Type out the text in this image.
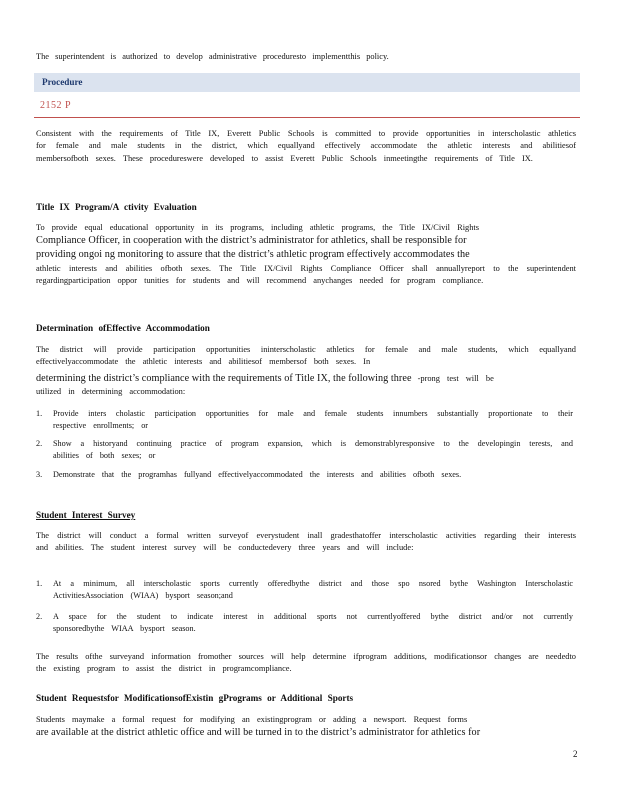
The superintendent is authorized to develop administrative proceduresto implementthis policy.
Procedure
2152 P
Consistent with the requirements of Title IX, Everett Public Schools is committed to provide opportunities in interscholastic athletics for female and male students in the district, which equallyand effectively accommodate the athletic interests and abilitiesof membersofboth sexes. These procedureswere developed to assist Everett Public Schools inmeetingthe requirements of Title IX.
Title IX Program/A ctivity Evaluation
To provide equal educational opportunity in its programs, including athletic programs, the Title IX/Civil Rights
Compliance Officer, in cooperation with the district’s administrator for athletics, shall be responsible for
providing ongoi ng monitoring to assure that the district’s athletic program effectively accommodates the
athletic interests and abilities ofboth sexes. The Title IX/Civil Rights Compliance Officer shall annuallyreport to the superintendent regardingparticipation oppor tunities for students and will recommend anychanges needed for program compliance.
Determination ofEffective Accommodation
The district will provide participation opportunities ininterscholastic athletics for female and male students, which equallyand effectivelyaccommodate the athletic interests and abilitiesof membersof both sexes. In
determining the district’s compliance with the requirements of Title IX, the following three -prong test will be
utilized in determining accommodation:
1. Provide inters cholastic participation opportunities for male and female students innumbers substantially proportionate to their respective enrollments; or
2. Show a historyand continuing practice of program expansion, which is demonstrablyresponsive to the developingin terests, and abilities of both sexes; or
3. Demonstrate that the programhas fullyand effectivelyaccommodated the interests and abilities ofboth sexes.
Student Interest Survey
The district will conduct a formal written surveyof everystudent inall gradesthatoffer interscholastic activities regarding their interests and abilities. The student interest survey will be conductedevery three years and will include:
1. At a minimum, all interscholastic sports currently offeredbythe district and those spo nsored bythe Washington Interscholastic ActivitiesAssociation (WIAA) bysport season;and
2. A space for the student to indicate interest in additional sports not currentlyoffered bythe district and/or not currently sponsoredbythe WIAA bysport season.
The results ofthe surveyand information fromother sources will help determine ifprogram additions, modificationsor changes are neededto the existing program to assist the district in programcompliance.
Student Requestsfor ModificationsofExistin gPrograms or Additional Sports
Students maymake a formal request for modifying an existingprogram or adding a newsport. Request forms
are available at the district athletic office and will be turned in to the district’s administrator for athletics for
2
